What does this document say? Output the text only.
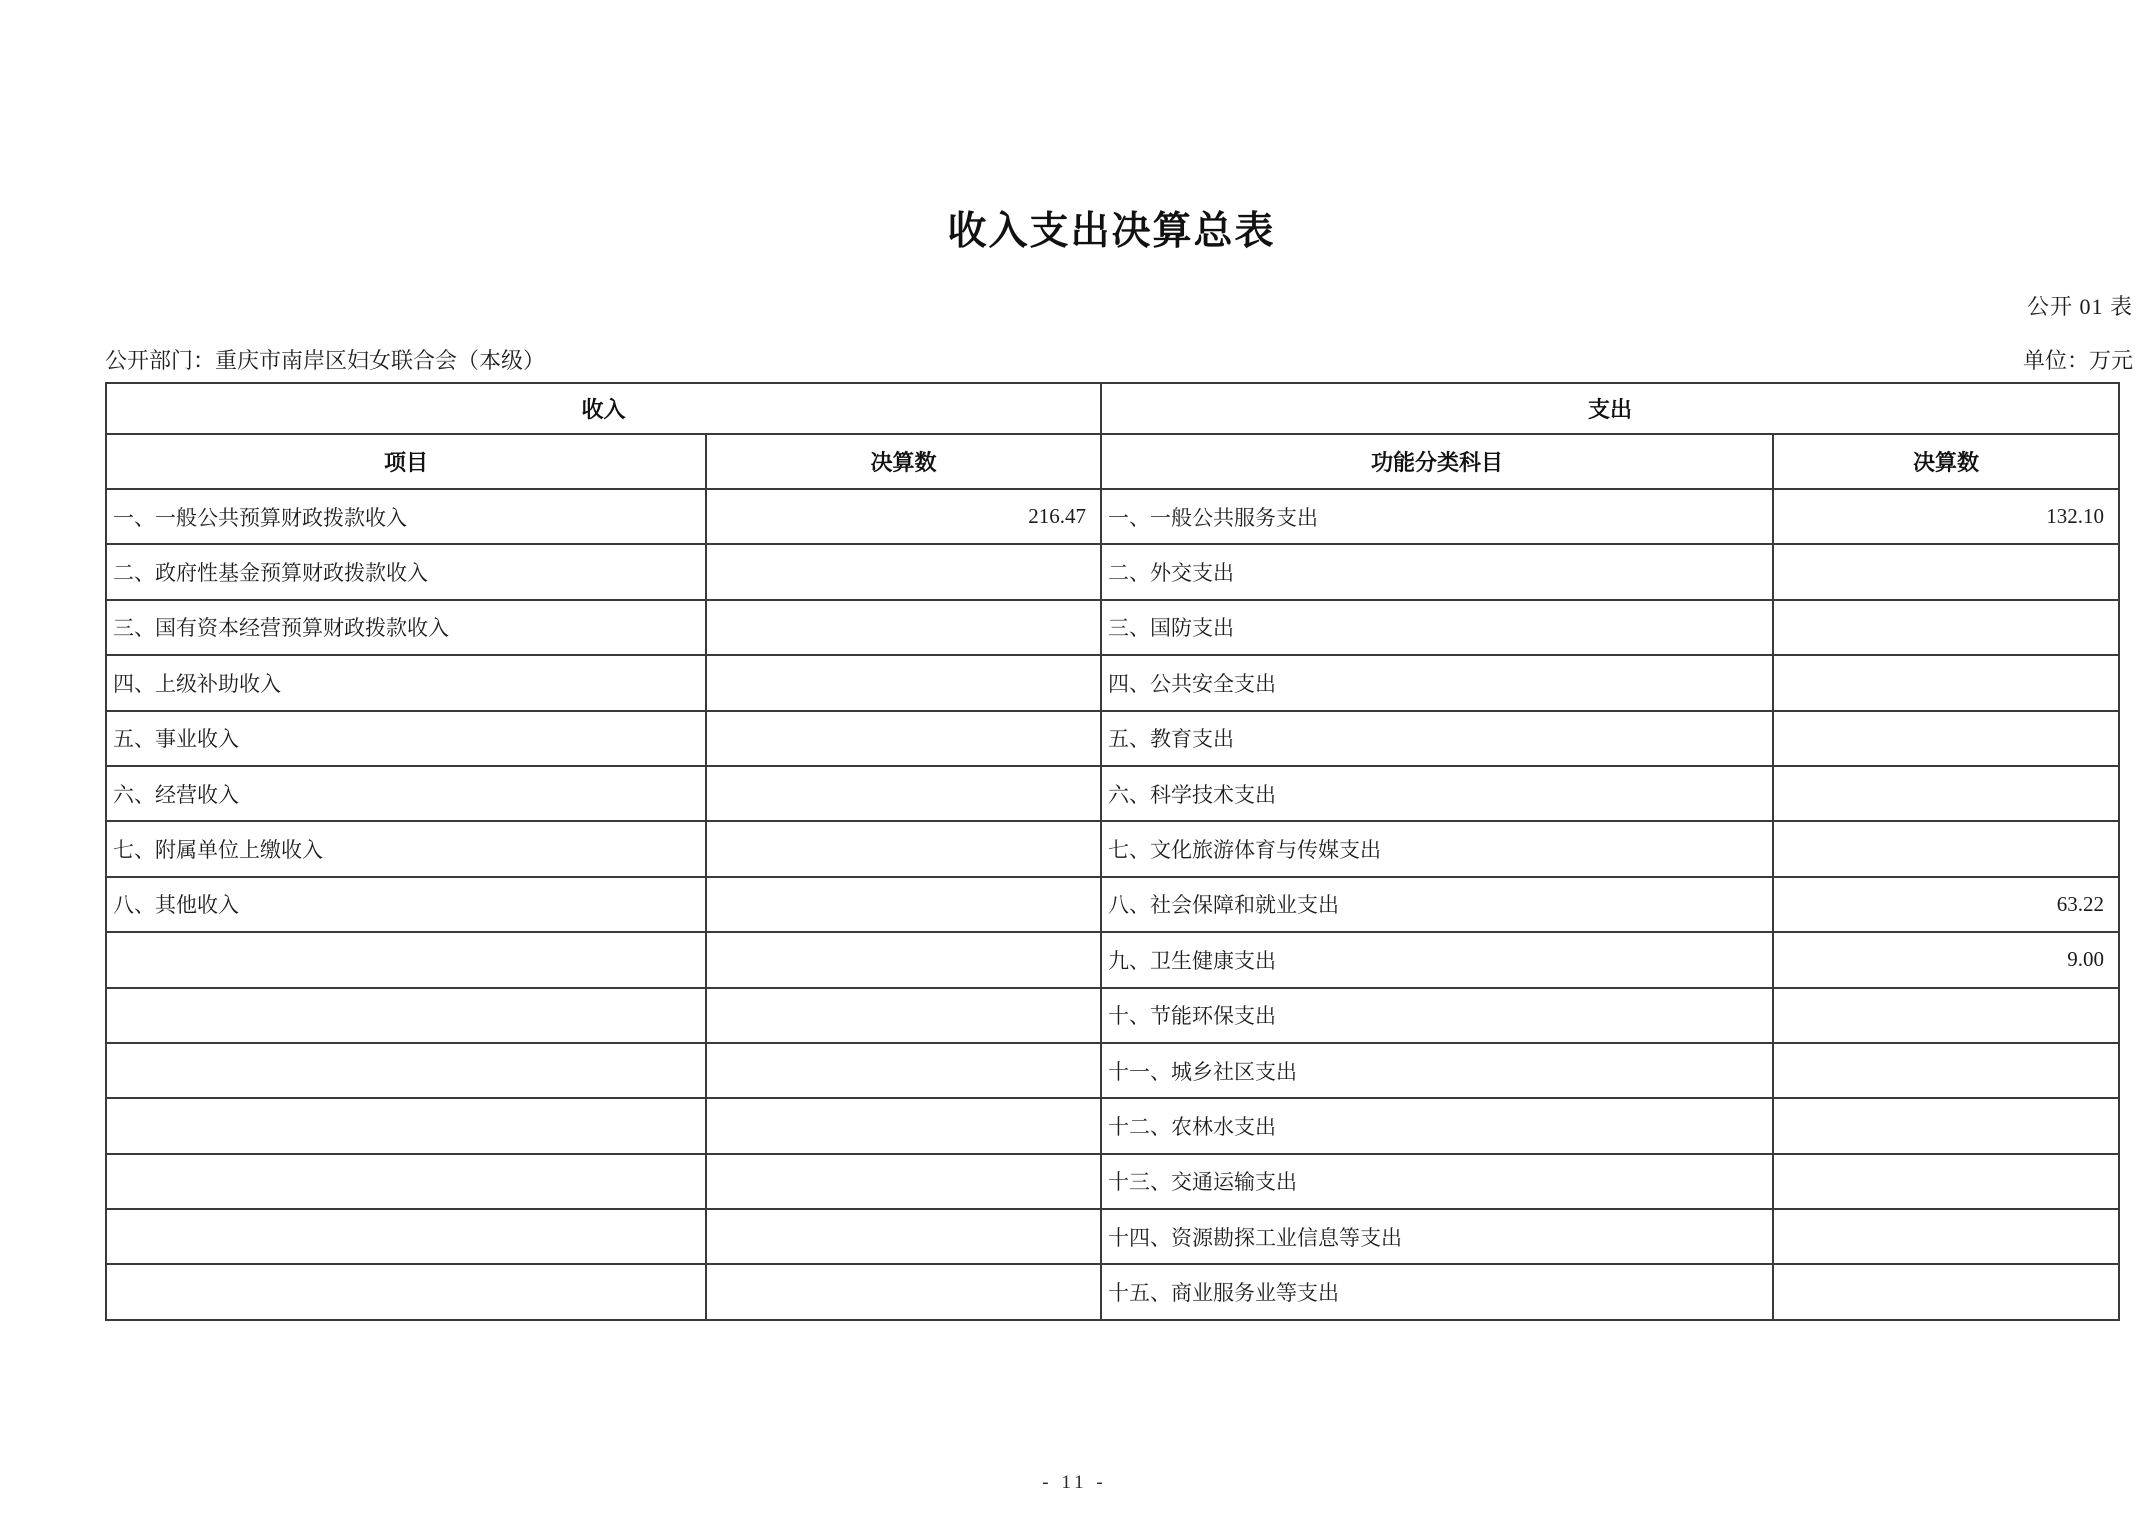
收入支出决算总表
公开 01 表
公开部门：重庆市南岸区妇女联合会（本级）	单位：万元
收入		支出	
项目	决算数	功能分类科目	决算数
一、一般公共预算财政拨款收入	216.47	一、一般公共服务支出	132.10
二、政府性基金预算财政拨款收入		二、外交支出	
三、国有资本经营预算财政拨款收入		三、国防支出	
四、上级补助收入		四、公共安全支出	
五、事业收入		五、教育支出	
六、经营收入		六、科学技术支出	
七、附属单位上缴收入		七、文化旅游体育与传媒支出	
八、其他收入		八、社会保障和就业支出	63.22
		九、卫生健康支出	9.00
		十、节能环保支出	
		十一、城乡社区支出	
		十二、农林水支出	
		十三、交通运输支出	
		十四、资源勘探工业信息等支出	
		十五、商业服务业等支出	
- 11 -
